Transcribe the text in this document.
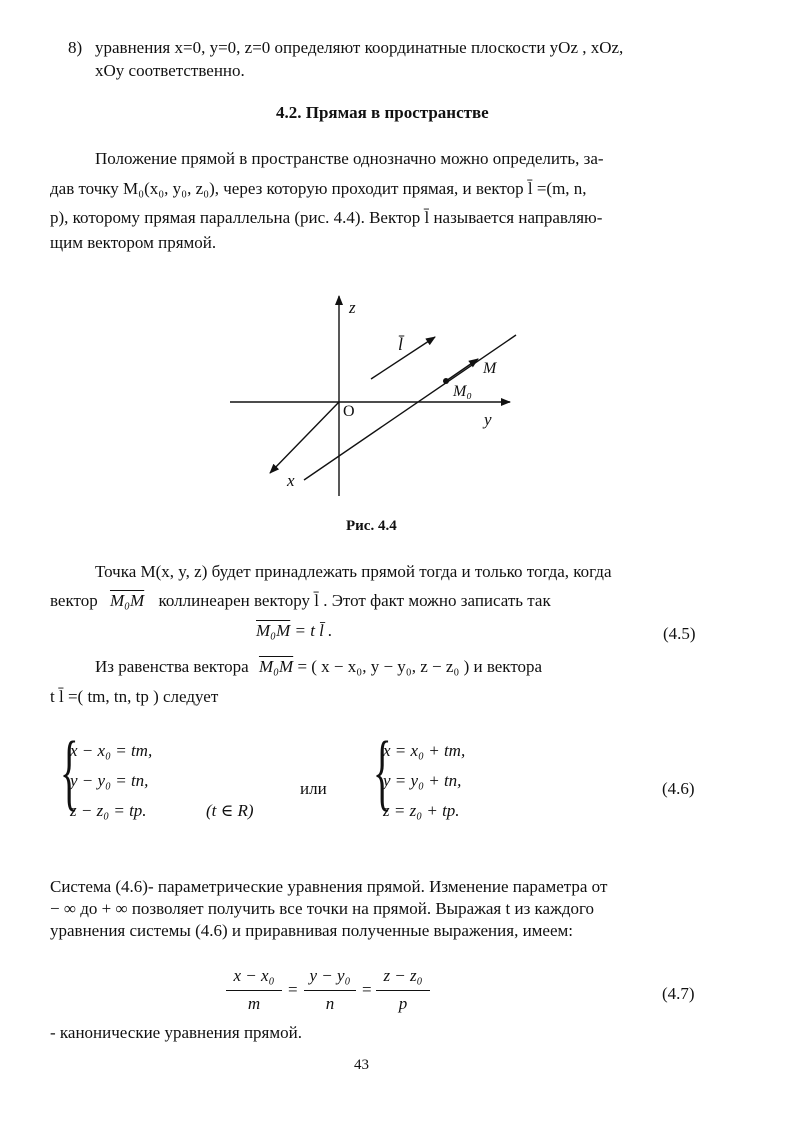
8) уравнения x=0, y=0, z=0 определяют координатные плоскости yOz , xOz,
xOy соответственно.
4.2. Прямая в пространстве
Положение прямой в пространстве однозначно можно определить, за-
дав точку M₀(x₀, y₀, z₀), через которую проходит прямая, и вектор l̄ =(m, n,
p), которому прямая параллельна (рис. 4.4). Вектор l̄ называется направляю-
щим вектором прямой.
z
y
x
O
l̄
M
M₀
Рис. 4.4
Точка M(x, y, z) будет принадлежать прямой тогда и только тогда, когда
вектор M₀M коллинеарен вектору l̄ . Этот факт можно записать так
M₀M = t l̄ .	(4.5)
Из равенства вектора M₀M = ( x − x₀, y − y₀, z − z₀ ) и вектора
t l̄ =( tm, tn, tp ) следует
{
x − x₀ = tm,
y − y₀ = tn,
z − z₀ = tp.	(t ∈ R)
или {
x = x₀ + tm,
y = y₀ + tn,
z = z₀ + tp.
(4.6)
Система (4.6)- параметрические уравнения прямой. Изменение параметра от
− ∞ до + ∞ позволяет получить все точки на прямой. Выражая t из каждого
уравнения системы (4.6) и приравнивая полученные выражения, имеем:
x − x₀
m
=
y − y₀
n
=
z − z₀
p
(4.7)
- канонические уравнения прямой.
43
